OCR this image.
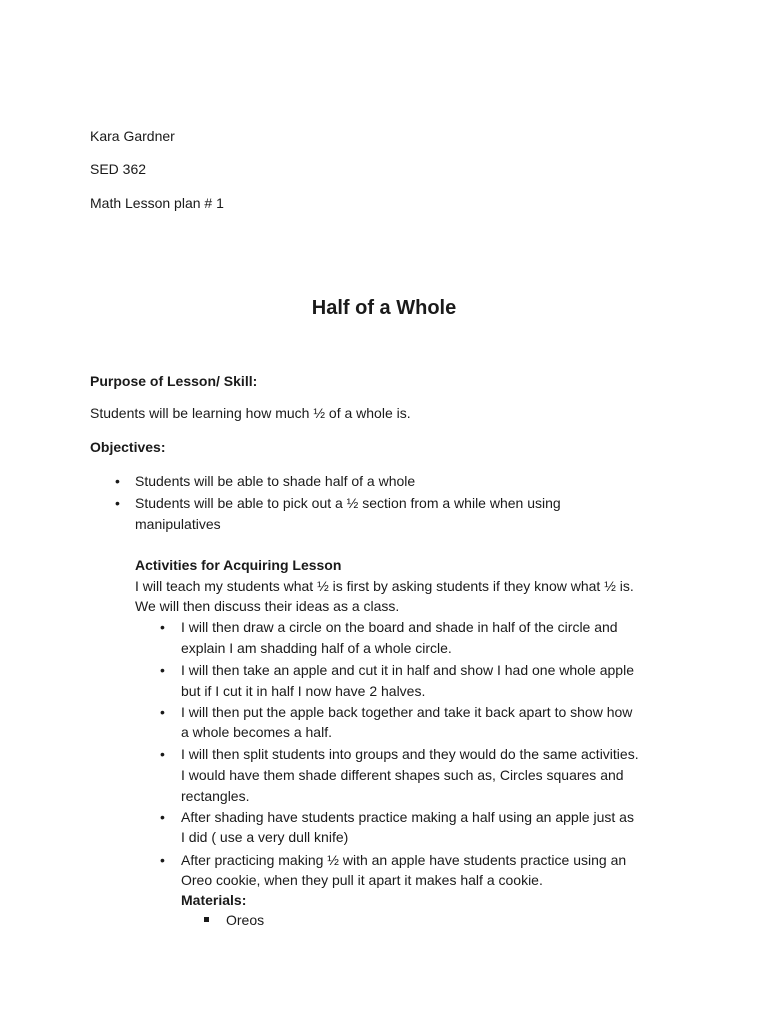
Kara Gardner
SED 362
Math Lesson plan # 1
Half of a Whole
Purpose of Lesson/ Skill:
Students will be learning how much ½ of a whole is.
Objectives:
• Students will be able to shade half of a whole
• Students will be able to pick out a ½ section from a while when using
manipulatives
Activities for Acquiring Lesson
I will teach my students what ½ is first by asking students if they know what ½ is.
We will then discuss their ideas as a class.
• I will then draw a circle on the board and shade in half of the circle and
explain I am shadding half of a whole circle.
• I will then take an apple and cut it in half and show I had one whole apple
but if I cut it in half I now have 2 halves.
• I will then put the apple back together and take it back apart to show how
a whole becomes a half.
• I will then split students into groups and they would do the same activities.
I would have them shade different shapes such as, Circles squares and
rectangles.
• After shading have students practice making a half using an apple just as
I did ( use a very dull knife)
• After practicing making ½ with an apple have students practice using an
Oreo cookie, when they pull it apart it makes half a cookie.
Materials:
Oreos
